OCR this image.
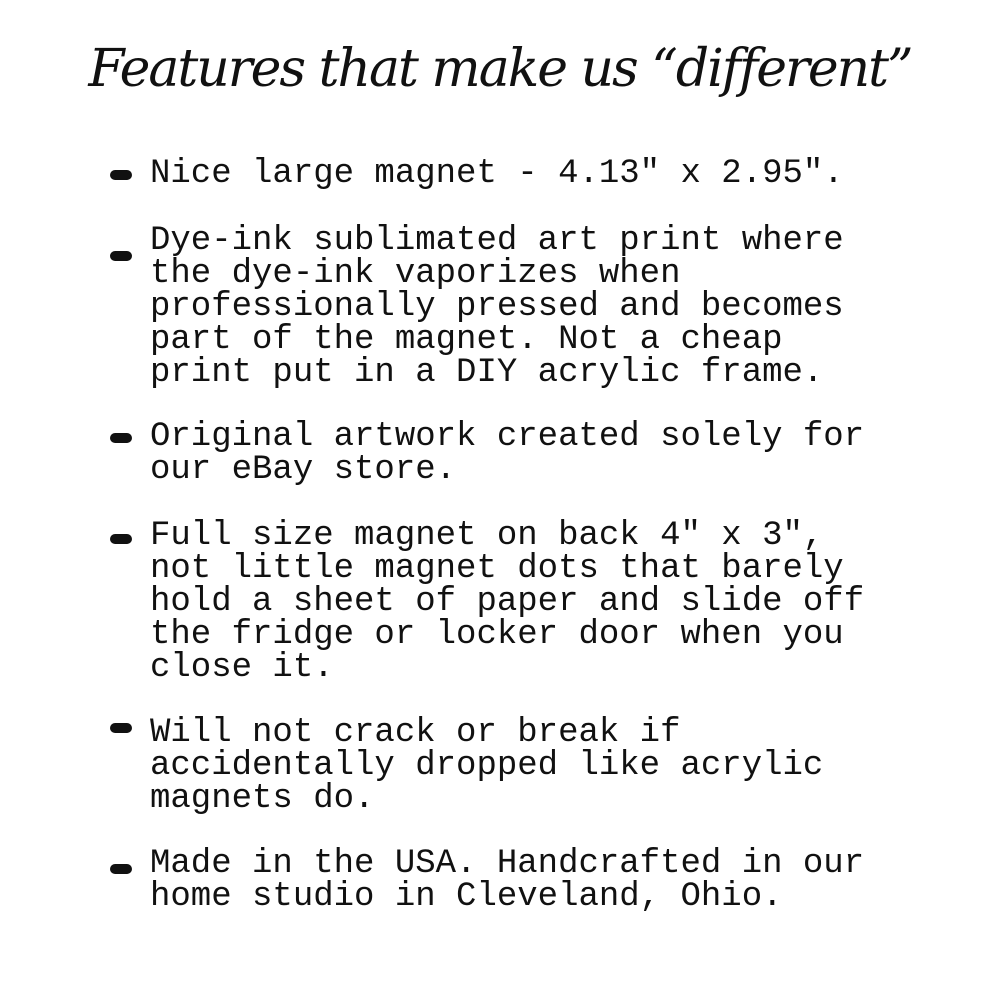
Features that make us “different”
Nice large magnet - 4.13″ x 2.95″.
Dye-ink sublimated art print where
the dye-ink vaporizes when
professionally pressed and becomes
part of the magnet. Not a cheap
print put in a DIY acrylic frame.
Original artwork created solely for
our eBay store.
Full size magnet on back 4″ x 3″,
not little magnet dots that barely
hold a sheet of paper and slide off
the fridge or locker door when you
close it.
Will not crack or break if
accidentally dropped like acrylic
magnets do.
Made in the USA. Handcrafted in our
home studio in Cleveland, Ohio.
